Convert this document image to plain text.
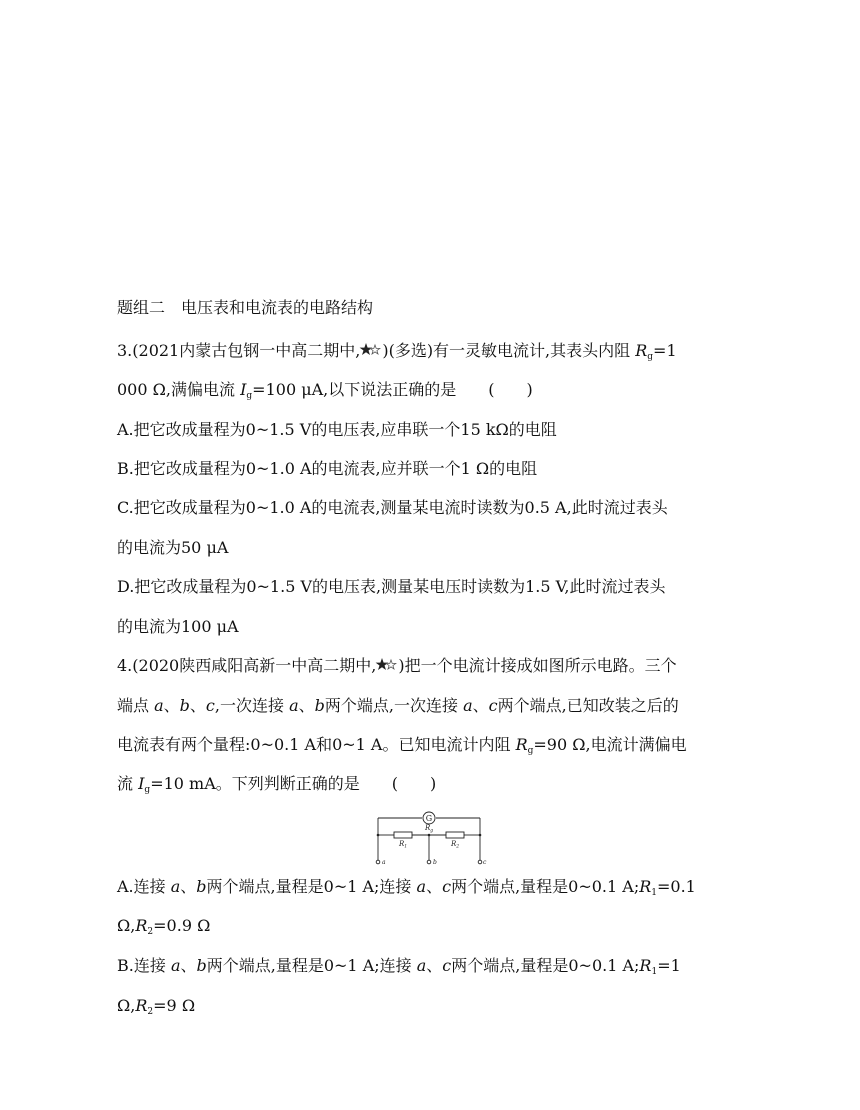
题组二　电压表和电流表的电路结构
3.(2021内蒙古包钢一中高二期中, )(多选)有一灵敏电流计,其表头内阻 $R_g=1$
000 Ω,满偏电流 $I_g=100$ μA,以下说法正确的是　　(　　)
A.把它改成量程为0~1.5 V的电压表,应串联一个15 kΩ的电阻
B.把它改成量程为0~1.0 A的电流表,应并联一个1 Ω的电阻
C.把它改成量程为0~1.0 A的电流表,测量某电流时读数为0.5 A,此时流过表头
的电流为50 μA
D.把它改成量程为0~1.5 V的电压表,测量某电压时读数为1.5 V,此时流过表头
的电流为100 μA
4.(2020陕西咸阳高新一中高二期中, )把一个电流计接成如图所示电路。三个
端点 a、b、c,一次连接 a、b两个端点,一次连接 a、c两个端点,已知改装之后的
电流表有两个量程:0~0.1 A和0~1 A。已知电流计内阻 $R_g=90$ Ω,电流计满偏电
流 $I_g=10$ mA。下列判断正确的是　　(　　)
G
$R_g$
$R_1$	$R_2$
a	b	c
A.连接 a、b两个端点,量程是0~1 A;连接 a、c两个端点,量程是0~0.1 $A;R_1=0.1$
$\Omega,R_2=0.9$ Ω
B.连接 a、b两个端点,量程是0~1 A;连接 a、c两个端点,量程是0~0.1 $A;R_1=1$
$\Omega,R_2=9$ Ω
